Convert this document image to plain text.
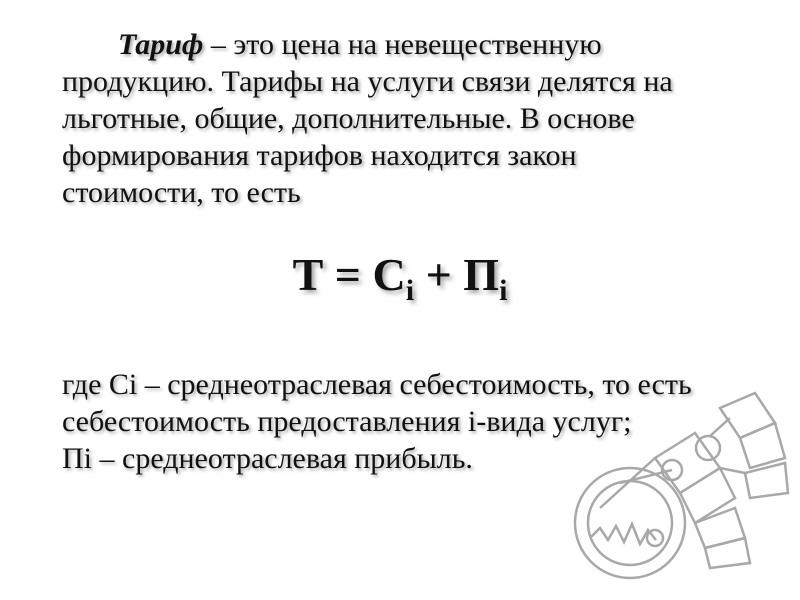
Тариф – это цена на невещественную
продукцию. Тарифы на услуги связи делятся на
льготные, общие, дополнительные. В основе
формирования тарифов находится закон
стоимости, то есть
$Т = С_i + П_i$
где Сi – среднеотраслевая себестоимость, то есть
себестоимость предоставления i-вида услуг;
Пi – среднеотраслевая прибыль.
